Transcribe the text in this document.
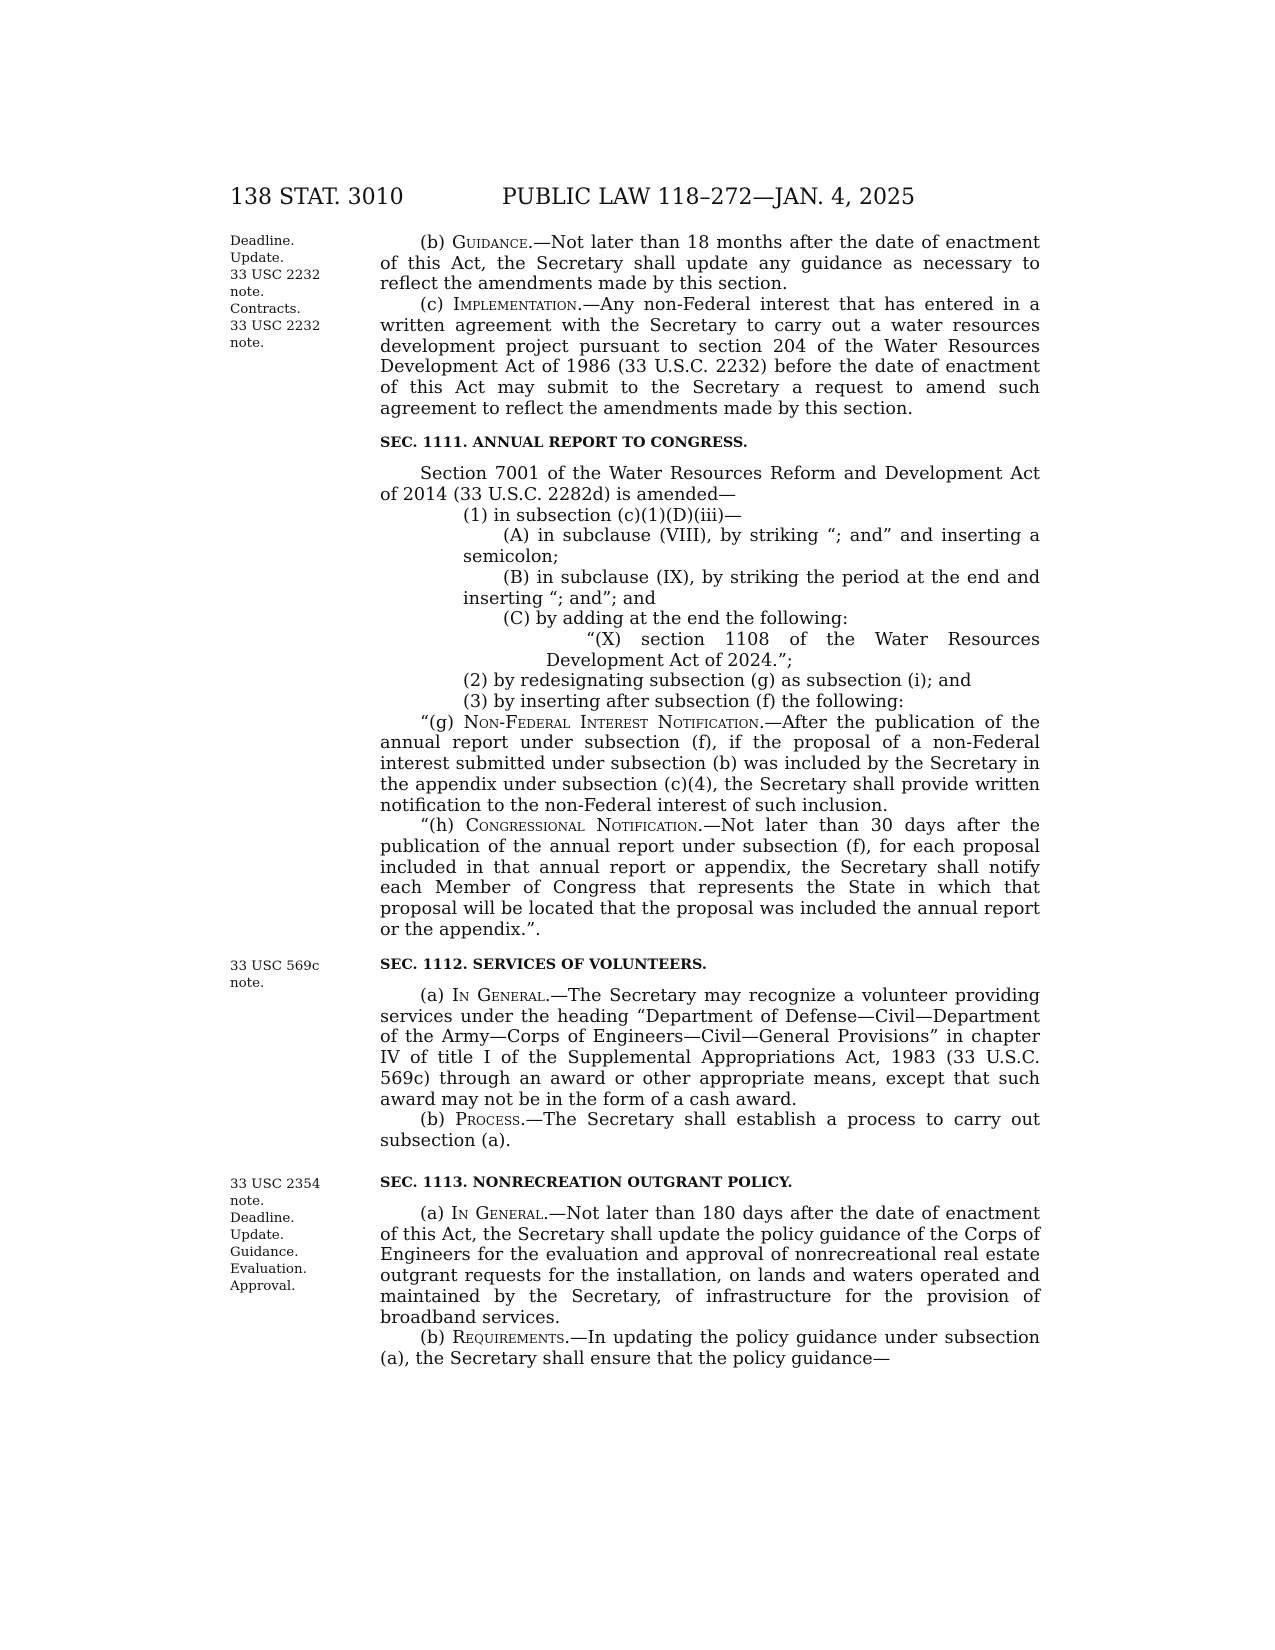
138 STAT. 3010	PUBLIC LAW 118–272—JAN. 4, 2025
Deadline.
Update.
33 USC 2232
note.
Contracts.
33 USC 2232
note.
33 USC 569c
note.
33 USC 2354
note.
Deadline.
Update.
Guidance.
Evaluation.
Approval.

(b) Guidance.—Not later than 18 months after the date of enactment of this Act, the Secretary shall update any guidance as necessary to reflect the amendments made by this section.

(c) Implementation.—Any non-Federal interest that has entered in a written agreement with the Secretary to carry out a water resources development project pursuant to section 204 of the Water Resources Development Act of 1986 (33 U.S.C. 2232) before the date of enactment of this Act may submit to the Secretary a request to amend such agreement to reflect the amendments made by this section.

SEC. 1111. ANNUAL REPORT TO CONGRESS.

Section 7001 of the Water Resources Reform and Development Act of 2014 (33 U.S.C. 2282d) is amended—

(1) in subsection (c)(1)(D)(iii)—

(A) in subclause (VIII), by striking “; and” and inserting a semicolon;

(B) in subclause (IX), by striking the period at the end and inserting “; and”; and

(C) by adding at the end the following:

“(X) section 1108 of the Water Resources Development Act of 2024.”;

(2) by redesignating subsection (g) as subsection (i); and

(3) by inserting after subsection (f) the following:

“(g) Non-Federal Interest Notification.—After the publication of the annual report under subsection (f), if the proposal of a non-Federal interest submitted under subsection (b) was included by the Secretary in the appendix under subsection (c)(4), the Secretary shall provide written notification to the non-Federal interest of such inclusion.

“(h) Congressional Notification.—Not later than 30 days after the publication of the annual report under subsection (f), for each proposal included in that annual report or appendix, the Secretary shall notify each Member of Congress that represents the State in which that proposal will be located that the proposal was included the annual report or the appendix.”.

SEC. 1112. SERVICES OF VOLUNTEERS.

(a) In General.—The Secretary may recognize a volunteer providing services under the heading “Department of Defense—Civil—Department of the Army—Corps of Engineers—Civil—General Provisions” in chapter IV of title I of the Supplemental Appropriations Act, 1983 (33 U.S.C. 569c) through an award or other appropriate means, except that such award may not be in the form of a cash award.

(b) Process.—The Secretary shall establish a process to carry out subsection (a).

SEC. 1113. NONRECREATION OUTGRANT POLICY.

(a) In General.—Not later than 180 days after the date of enactment of this Act, the Secretary shall update the policy guidance of the Corps of Engineers for the evaluation and approval of nonrecreational real estate outgrant requests for the installation, on lands and waters operated and maintained by the Secretary, of infrastructure for the provision of broadband services.

(b) Requirements.—In updating the policy guidance under subsection (a), the Secretary shall ensure that the policy guidance—
